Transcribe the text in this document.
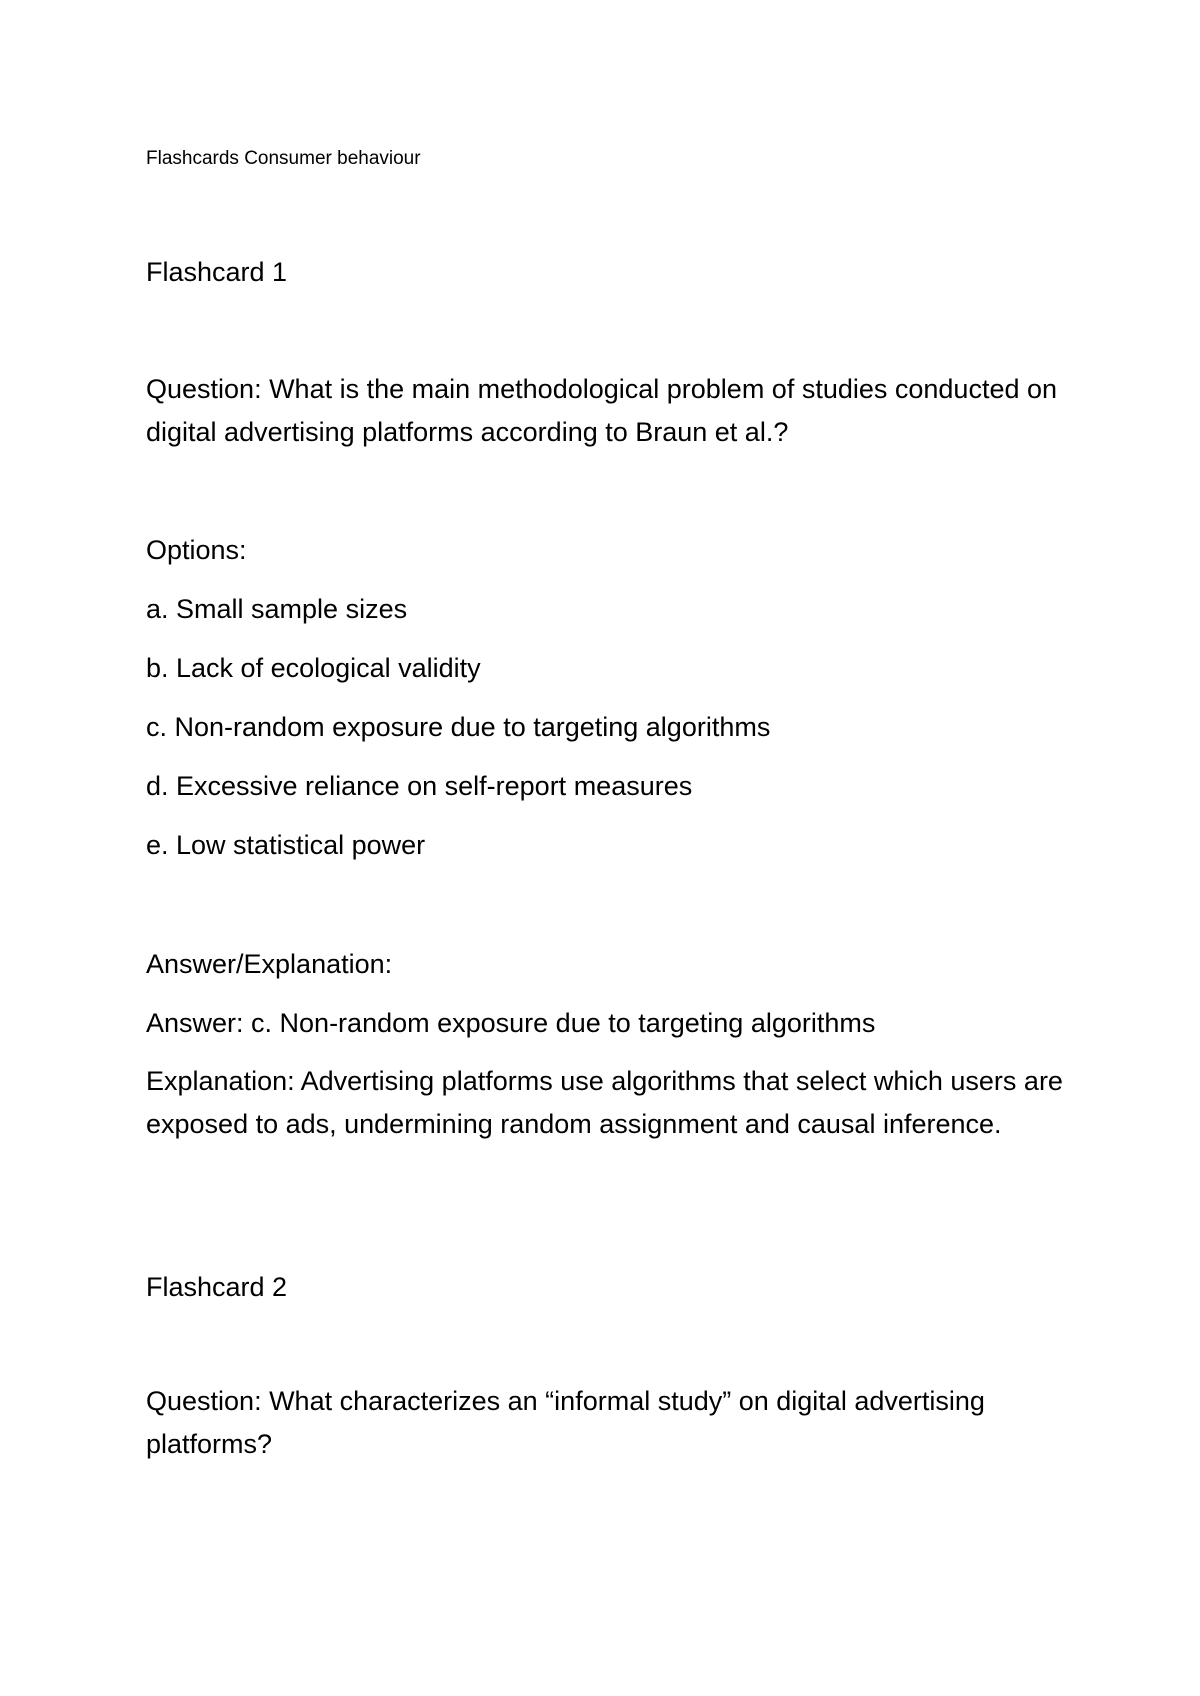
Flashcards Consumer behaviour
Flashcard 1
Question: What is the main methodological problem of studies conducted on digital advertising platforms according to Braun et al.?
Options:
a. Small sample sizes
b. Lack of ecological validity
c. Non-random exposure due to targeting algorithms
d. Excessive reliance on self-report measures
e. Low statistical power
Answer/Explanation:
Answer: c. Non-random exposure due to targeting algorithms
Explanation: Advertising platforms use algorithms that select which users are exposed to ads, undermining random assignment and causal inference.
Flashcard 2
Question: What characterizes an “informal study” on digital advertising platforms?
